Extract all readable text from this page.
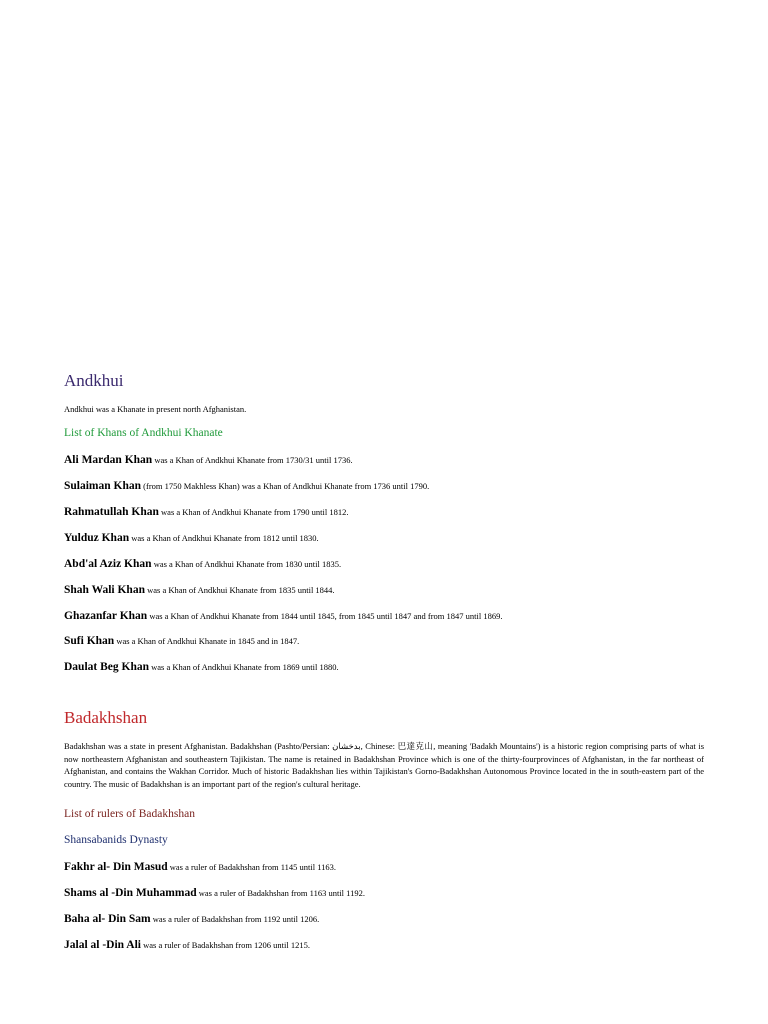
Andkhui
Andkhui was a Khanate in present north Afghanistan.
List of Khans of Andkhui Khanate
Ali Mardan Khan was a Khan of Andkhui Khanate from 1730/31 until 1736.
Sulaiman Khan (from 1750 Makhless Khan) was a Khan of Andkhui Khanate from 1736 until 1790.
Rahmatullah Khan was a Khan of Andkhui Khanate from 1790 until 1812.
Yulduz Khan was a Khan of Andkhui Khanate from 1812 until 1830.
Abd'al Aziz Khan was a Khan of Andkhui Khanate from 1830 until 1835.
Shah Wali Khan was a Khan of Andkhui Khanate from 1835 until 1844.
Ghazanfar Khan was a Khan of Andkhui Khanate from 1844 until 1845, from 1845 until 1847 and from 1847 until 1869.
Sufi Khan was a Khan of Andkhui Khanate in 1845 and in 1847.
Daulat Beg Khan was a Khan of Andkhui Khanate from 1869 until 1880.
Badakhshan
Badakhshan was a state in present Afghanistan. Badakhshan (Pashto/Persian: بدخشان, Chinese: 巴達克山, meaning 'Badakh Mountains') is a historic region comprising parts of what is now northeastern Afghanistan and southeastern Tajikistan. The name is retained in Badakhshan Province which is one of the thirty-fourprovinces of Afghanistan, in the far northeast of Afghanistan, and contains the Wakhan Corridor. Much of historic Badakhshan lies within Tajikistan's Gorno-Badakhshan Autonomous Province located in the in south-eastern part of the country. The music of Badakhshan is an important part of the region's cultural heritage.
List of rulers of Badakhshan
Shansabanids Dynasty
Fakhr al- Din Masud was a ruler of Badakhshan from 1145 until 1163.
Shams al -Din Muhammad was a ruler of Badakhshan from 1163 until 1192.
Baha al- Din Sam was a ruler of Badakhshan from 1192 until 1206.
Jalal al -Din Ali was a ruler of Badakhshan from 1206 until 1215.
